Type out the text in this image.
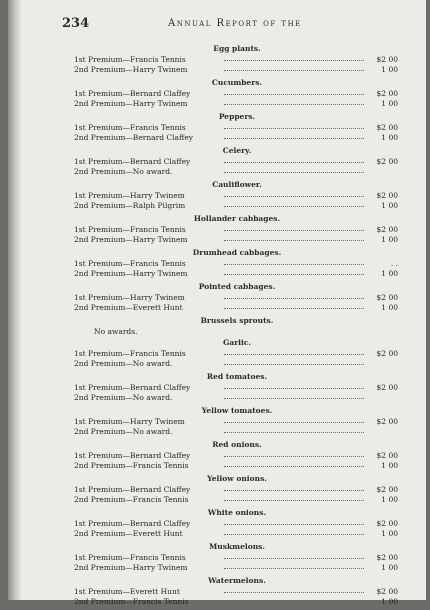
234	Annual Report of the
Egg plants.
1st Premium—Francis Tennis	$2 00
2nd Premium—Harry Twinem	1 00
Cucumbers.
1st Premium—Bernard Claffey	$2 00
2nd Premium—Harry Twinem	1 00
Peppers.
1st Premium—Francis Tennis	$2 00
2nd Premium—Bernard Claffey	1 00
Celery.
1st Premium—Bernard Claffey	$2 00
2nd Premium—No award.
Cauliflower.
1st Premium—Harry Twinem	$2 00
2nd Premium—Ralph Pilgrim	1 00
Hollander cabbages.
1st Premium—Francis Tennis	$2 00
2nd Premium—Harry Twinem	1 00
Drumhead cabbages.
1st Premium—Francis Tennis	. .
2nd Premium—Harry Twinem	1 00
Pointed cabbages.
1st Premium—Harry Twinem	$2 00
2nd Premium—Everett Hunt	1 00
Brussels sprouts.
No awards.
Garlic.
1st Premium—Francis Tennis	$2 00
2nd Premium—No award.
Red tomatoes.
1st Premium—Bernard Claffey	$2 00
2nd Premium—No award.
Yellow tomatoes.
1st Premium—Harry Twinem	$2 00
2nd Premium—No award.
Red onions.
1st Premium—Bernard Claffey	$2 00
2nd Premium—Francis Tennis	1 00
Yellow onions.
1st Premium—Bernard Claffey	$2 00
2nd Premium—Francis Tennis	1 00
White onions.
1st Premium—Bernard Claffey	$2 00
2nd Premium—Everett Hunt	1 00
Muskmelons.
1st Premium—Francis Tennis	$2 00
2nd Premium—Harry Twinem	1 00
Watermelons.
1st Premium—Everett Hunt	$2 00
2nd Premium—Francis Tennis	1 00
